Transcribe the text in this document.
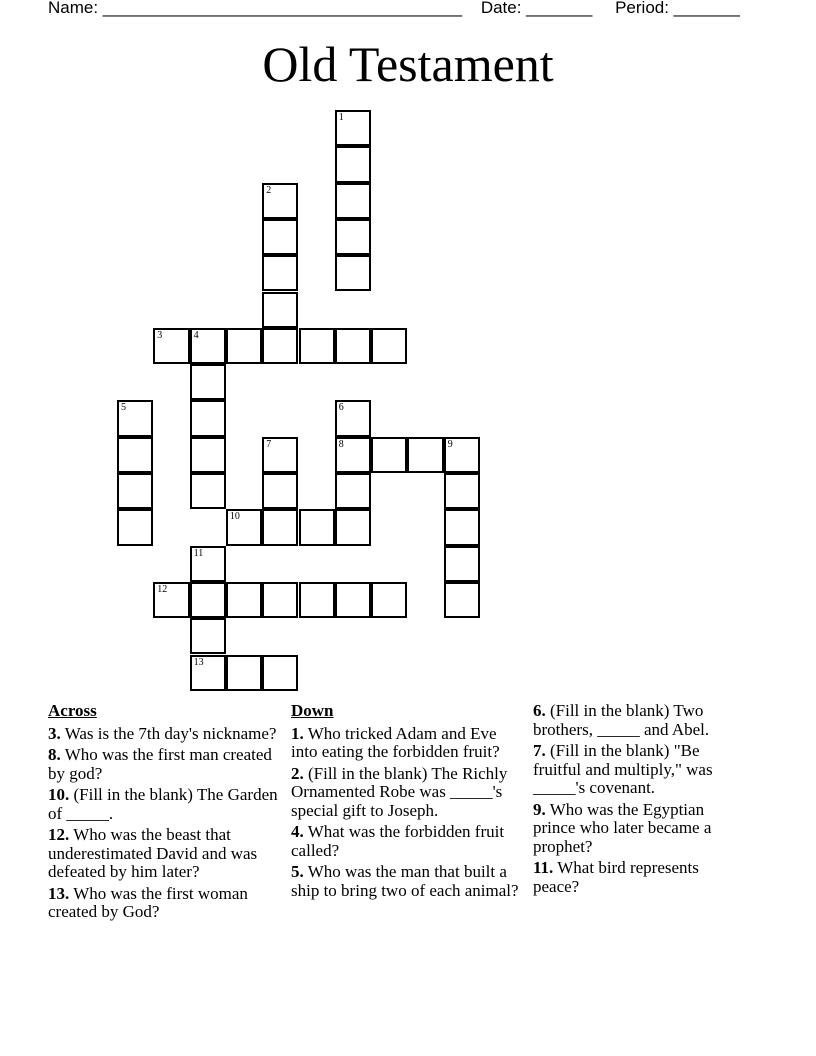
Name: ______________________________________ Date: _______ Period: _______
Old Testament
1
2
3	4
5	6
8	9
7
10
11
12
13
Across
3. Was is the 7th day's nickname?
8. Who was the first man created by god?
10. (Fill in the blank) The Garden of _____.
12. Who was the beast that underestimated David and was defeated by him later?
13. Who was the first woman created by God?
Down
1. Who tricked Adam and Eve into eating the forbidden fruit?
2. (Fill in the blank) The Richly Ornamented Robe was _____'s special gift to Joseph.
4. What was the forbidden fruit called?
5. Who was the man that built a ship to bring two of each animal?
6. (Fill in the blank) Two brothers, _____ and Abel.
7. (Fill in the blank) "Be fruitful and multiply," was _____'s covenant.
9. Who was the Egyptian prince who later became a prophet?
11. What bird represents peace?
